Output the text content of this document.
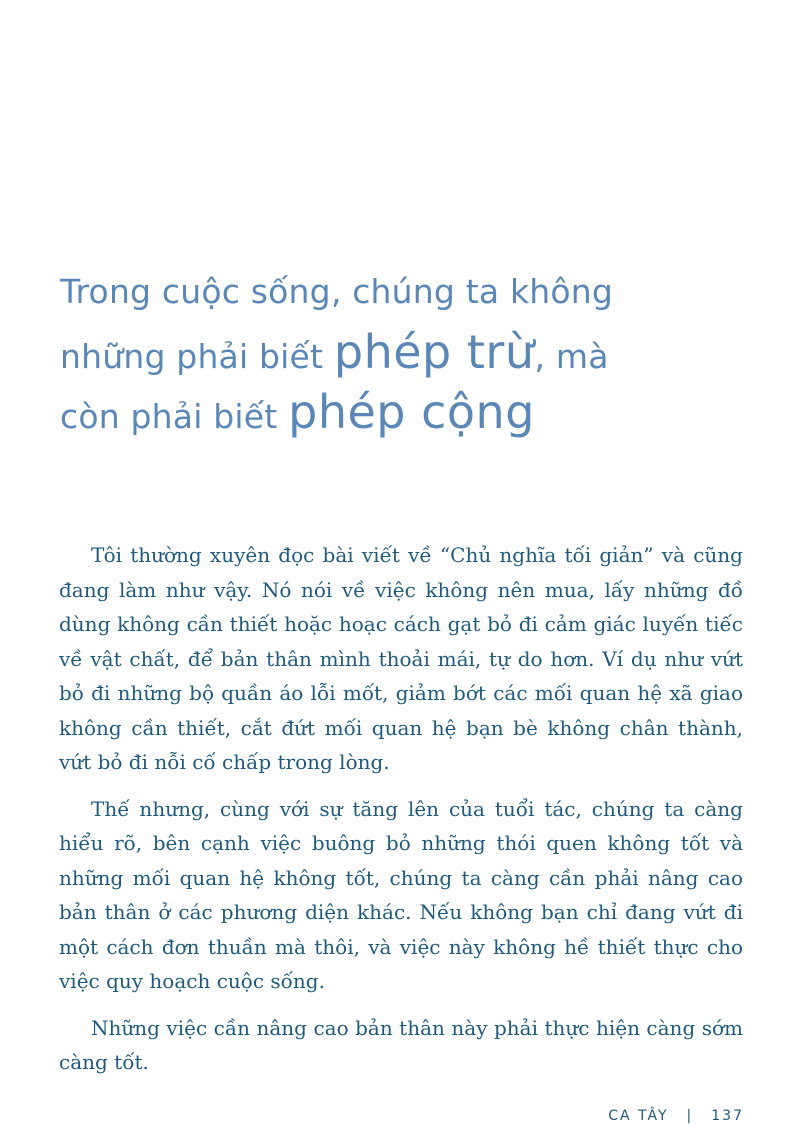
Trong cuộc sống, chúng ta không
những phải biết phép trừ, mà
còn phải biết phép cộng

Tôi thường xuyên đọc bài viết về “Chủ nghĩa tối giản” và cũng đang làm như vậy. Nó nói về việc không nên mua, lấy những đồ dùng không cần thiết hoặc hoạc cách gạt bỏ đi cảm giác luyến tiếc về vật chất, để bản thân mình thoải mái, tự do hơn. Ví dụ như vứt bỏ đi những bộ quần áo lỗi mốt, giảm bớt các mối quan hệ xã giao không cần thiết, cắt đứt mối quan hệ bạn bè không chân thành, vứt bỏ đi nỗi cố chấp trong lòng.

Thế nhưng, cùng với sự tăng lên của tuổi tác, chúng ta càng hiểu rõ, bên cạnh việc buông bỏ những thói quen không tốt và những mối quan hệ không tốt, chúng ta càng cần phải nâng cao bản thân ở các phương diện khác. Nếu không bạn chỉ đang vứt đi một cách đơn thuần mà thôi, và việc này không hề thiết thực cho việc quy hoạch cuộc sống.

Những việc cần nâng cao bản thân này phải thực hiện càng sớm càng tốt.

CA TÂY | 137
